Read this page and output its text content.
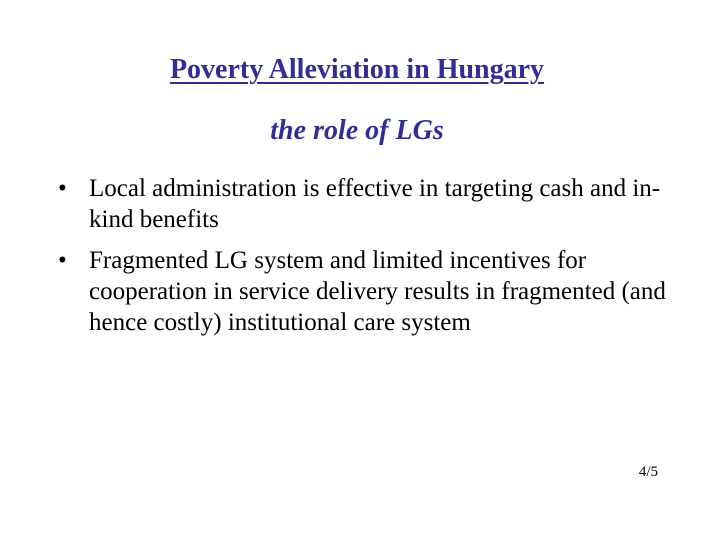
Poverty Alleviation in Hungary
the role of LGs
• Local administration is effective in targeting cash and in-kind benefits
• Fragmented LG system and limited incentives for cooperation in service delivery results in fragmented (and hence costly) institutional care system
4/5
